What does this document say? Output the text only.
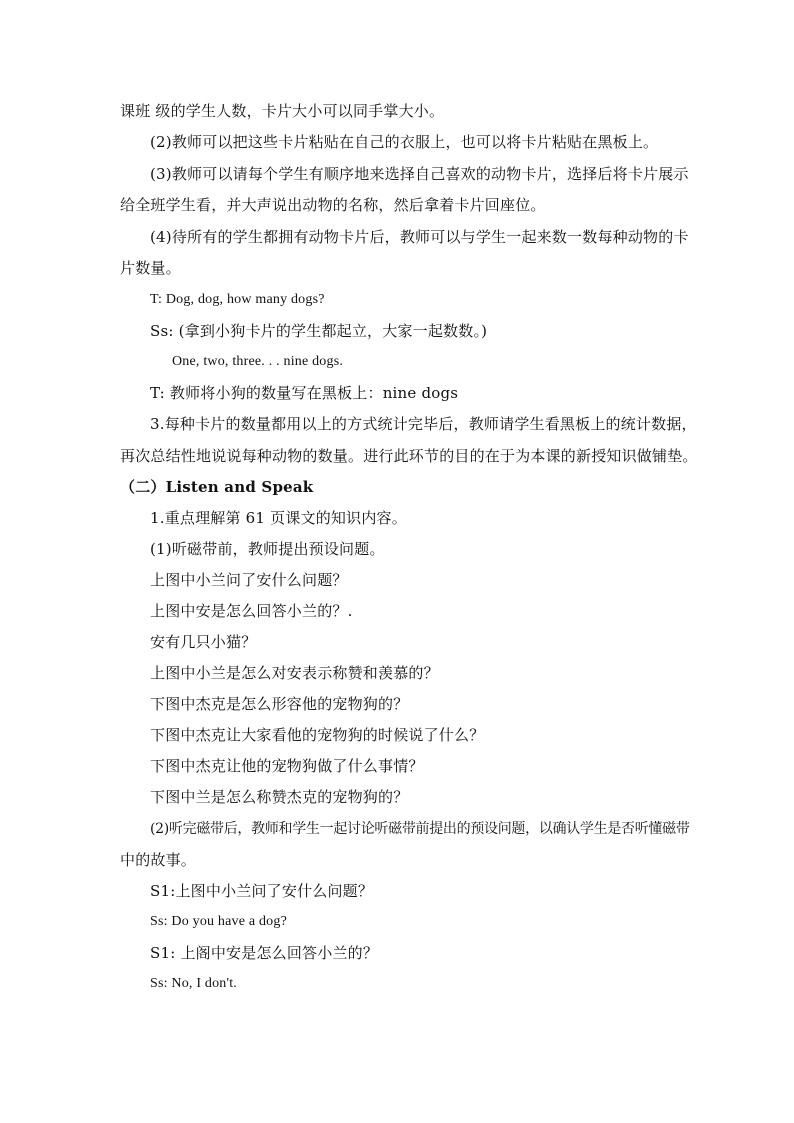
课班 级的学生人数，卡片大小可以同手掌大小。
(2)教师可以把这些卡片粘贴在自己的衣服上，也可以将卡片粘贴在黑板上。
(3)教师可以请每个学生有顺序地来选择自己喜欢的动物卡片，选择后将卡片展示
给全班学生看，并大声说出动物的名称，然后拿着卡片回座位。
(4)待所有的学生都拥有动物卡片后，教师可以与学生一起来数一数每种动物的卡
片数量。
T: Dog, dog, how many dogs?
Ss: (拿到小狗卡片的学生都起立，大家一起数数。)
One, two, three. . . nine dogs.
T: 教师将小狗的数量写在黑板上：nine dogs
3.每种卡片的数量都用以上的方式统计完毕后，教师请学生看黑板上的统计数据，
再次总结性地说说每种动物的数量。进行此环节的目的在于为本课的新授知识做铺垫。
（二）Listen and Speak
1.重点理解第 61 页课文的知识内容。
(1)听磁带前，教师提出预设问题。
上图中小兰问了安什么问题？
上图中安是怎么回答小兰的？.
安有几只小猫？
上图中小兰是怎么对安表示称赞和羡慕的？
下图中杰克是怎么形容他的宠物狗的？
下图中杰克让大家看他的宠物狗的时候说了什么？
下图中杰克让他的宠物狗做了什么事情？
下图中兰是怎么称赞杰克的宠物狗的？
(2)听完磁带后，教师和学生一起讨论听磁带前提出的预设问题，以确认学生是否听懂磁带
中的故事。
S1:上图中小兰问了安什么问题？
Ss: Do you have a dog?
S1: 上阁中安是怎么回答小兰的？
Ss: No, I don't.
